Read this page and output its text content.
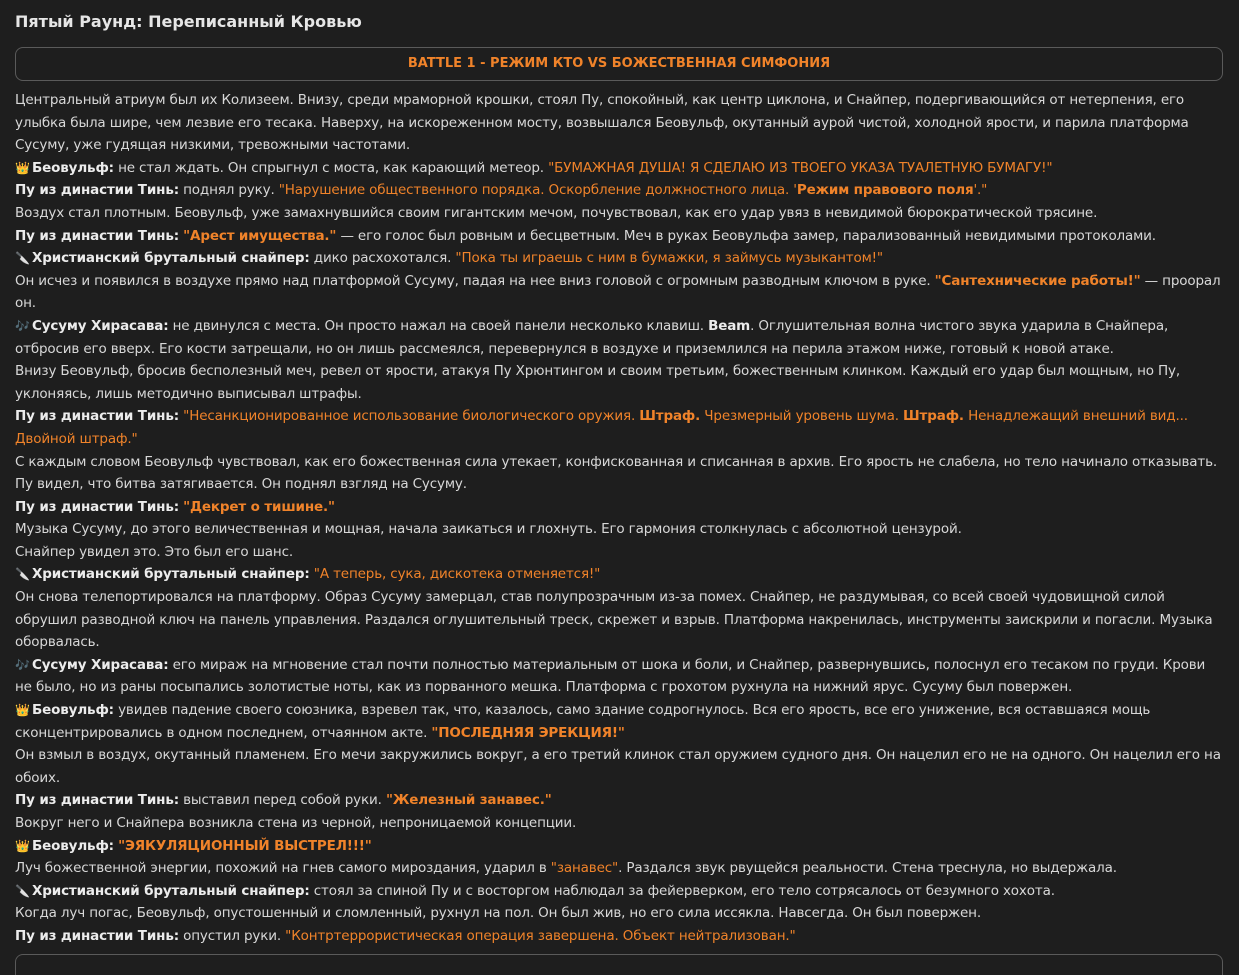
Пятый Раунд: Переписанный Кровью
BATTLE 1 - РЕЖИМ КТО VS БОЖЕСТВЕННАЯ СИМФОНИЯ

Центральный атриум был их Колизеем. Внизу, среди мраморной крошки, стоял Пу, спокойный, как центр циклона, и Снайпер, подергивающийся от нетерпения, его улыбка была шире, чем лезвие его тесака. Наверху, на искореженном мосту, возвышался Беовульф, окутанный аурой чистой, холодной ярости, и парила платформа Сусуму, уже гудящая низкими, тревожными частотами.

👑 Беовульф: не стал ждать. Он спрыгнул с моста, как карающий метеор. "БУМАЖНАЯ ДУША! Я СДЕЛАЮ ИЗ ТВОЕГО УКАЗА ТУАЛЕТНУЮ БУМАГУ!"

Пу из династии Тинь: поднял руку. "Нарушение общественного порядка. Оскорбление должностного лица. 'Режим правового поля'."

Воздух стал плотным. Беовульф, уже замахнувшийся своим гигантским мечом, почувствовал, как его удар увяз в невидимой бюрократической трясине.

Пу из династии Тинь: "Арест имущества." — его голос был ровным и бесцветным. Меч в руках Беовульфа замер, парализованный невидимыми протоколами.

🔪 Христианский брутальный снайпер: дико расхохотался. "Пока ты играешь с ним в бумажки, я займусь музыкантом!"

Он исчез и появился в воздухе прямо над платформой Сусуму, падая на нее вниз головой с огромным разводным ключом в руке. "Сантехнические работы!" — проорал он.

🎶 Сусуму Хирасава: не двинулся с места. Он просто нажал на своей панели несколько клавиш. Beam. Оглушительная волна чистого звука ударила в Снайпера, отбросив его вверх. Его кости затрещали, но он лишь рассмеялся, перевернулся в воздухе и приземлился на перила этажом ниже, готовый к новой атаке.

Внизу Беовульф, бросив бесполезный меч, ревел от ярости, атакуя Пу Хрюнтингом и своим третьим, божественным клинком. Каждый его удар был мощным, но Пу, уклоняясь, лишь методично выписывал штрафы.

Пу из династии Тинь: "Несанкционированное использование биологического оружия. Штраф. Чрезмерный уровень шума. Штраф. Ненадлежащий внешний вид... Двойной штраф."

С каждым словом Беовульф чувствовал, как его божественная сила утекает, конфискованная и списанная в архив. Его ярость не слабела, но тело начинало отказывать.

Пу видел, что битва затягивается. Он поднял взгляд на Сусуму.

Пу из династии Тинь: "Декрет о тишине."

Музыка Сусуму, до этого величественная и мощная, начала заикаться и глохнуть. Его гармония столкнулась с абсолютной цензурой.

Снайпер увидел это. Это был его шанс.

🔪 Христианский брутальный снайпер: "А теперь, сука, дискотека отменяется!"

Он снова телепортировался на платформу. Образ Сусуму замерцал, став полупрозрачным из-за помех. Снайпер, не раздумывая, со всей своей чудовищной силой обрушил разводной ключ на панель управления. Раздался оглушительный треск, скрежет и взрыв. Платформа накренилась, инструменты заискрили и погасли. Музыка оборвалась.

🎶 Сусуму Хирасава: его мираж на мгновение стал почти полностью материальным от шока и боли, и Снайпер, развернувшись, полоснул его тесаком по груди. Крови не было, но из раны посыпались золотистые ноты, как из порванного мешка. Платформа с грохотом рухнула на нижний ярус. Сусуму был повержен.

👑 Беовульф: увидев падение своего союзника, взревел так, что, казалось, само здание содрогнулось. Вся его ярость, все его унижение, вся оставшаяся мощь сконцентрировались в одном последнем, отчаянном акте. "ПОСЛЕДНЯЯ ЭРЕКЦИЯ!"

Он взмыл в воздух, окутанный пламенем. Его мечи закружились вокруг, а его третий клинок стал оружием судного дня. Он нацелил его не на одного. Он нацелил его на обоих.

Пу из династии Тинь: выставил перед собой руки. "Железный занавес."

Вокруг него и Снайпера возникла стена из черной, непроницаемой концепции.

👑 Беовульф: "ЭЯКУЛЯЦИОННЫЙ ВЫСТРЕЛ!!!"

Луч божественной энергии, похожий на гнев самого мироздания, ударил в "занавес". Раздался звук рвущейся реальности. Стена треснула, но выдержала.

🔪 Христианский брутальный снайпер: стоял за спиной Пу и с восторгом наблюдал за фейерверком, его тело сотрясалось от безумного хохота.

Когда луч погас, Беовульф, опустошенный и сломленный, рухнул на пол. Он был жив, но его сила иссякла. Навсегда. Он был повержен.

Пу из династии Тинь: опустил руки. "Контртеррористическая операция завершена. Объект нейтрализован."
